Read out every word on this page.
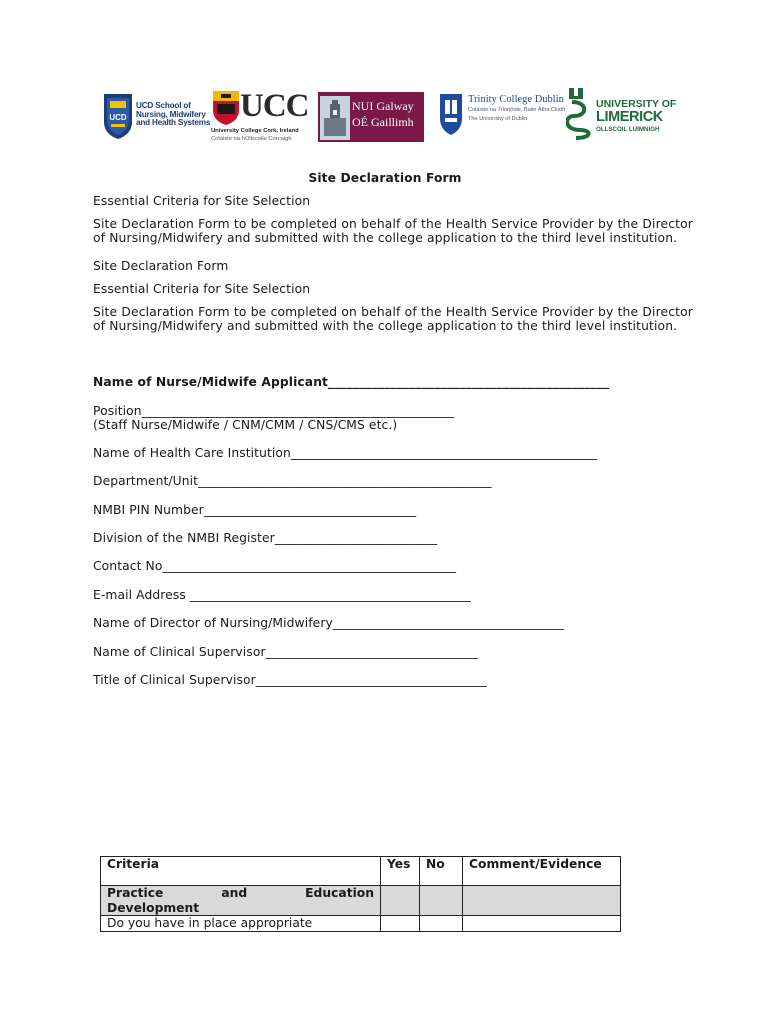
UCD
UCD School of
Nursing, Midwifery
and Health Systems UCC
University College Cork, Ireland
Coláiste na hOllscoile Corcaigh
NUI Galway
OÉ Gaillimh
Trinity College Dublin
Coláiste na Tríonóide, Baile Átha Cliath
The University of Dublin
UNIVERSITY OF
LIMERICK
OLLSCOIL LUIMNIGH

Site Declaration Form

Essential Criteria for Site Selection

Site Declaration Form to be completed on behalf of the Health Service Provider by the Director of Nursing/Midwifery and submitted with the college application to the third level institution.

Site Declaration Form

Essential Criteria for Site Selection

Site Declaration Form to be completed on behalf of the Health Service Provider by the Director of Nursing/Midwifery and submitted with the college application to the third level institution.

Name of Nurse/Midwife Applicant_____________________________________________

Position__________________________________________________

(Staff Nurse/Midwife / CNM/CMM / CNS/CMS etc.)

Name of Health Care Institution_________________________________________________

Department/Unit_______________________________________________

NMBI PIN Number__________________________________

Division of the NMBI Register__________________________

Contact No_______________________________________________

E-mail Address _____________________________________________

Name of Director of Nursing/Midwifery_____________________________________

Name of Clinical Supervisor__________________________________

Title of Clinical Supervisor_____________________________________

Criteria	Yes	No	Comment/Evidence

Practice and Education
Development			

Do you have in place appropriate			
